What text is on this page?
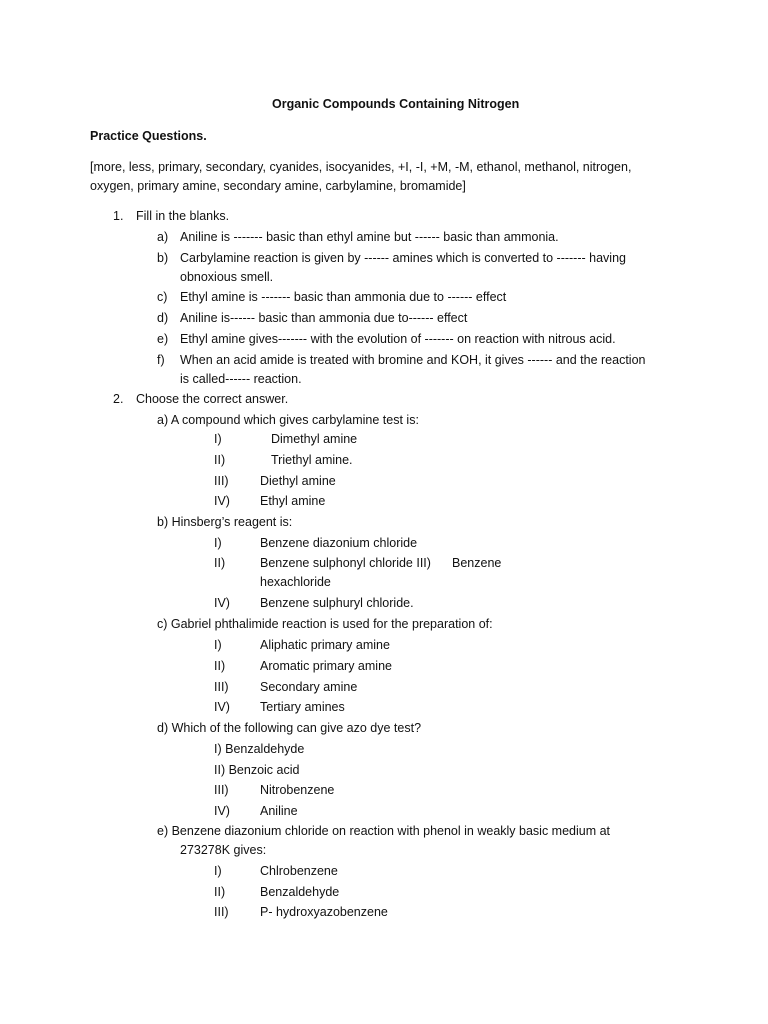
Organic Compounds Containing Nitrogen
Practice Questions.
[more, less, primary, secondary, cyanides, isocyanides, +I, -I, +M, -M, ethanol, methanol, nitrogen,
oxygen, primary amine, secondary amine, carbylamine, bromamide]
1. Fill in the blanks.
a) Aniline is ------- basic than ethyl amine but ------ basic than ammonia.
b) Carbylamine reaction is given by ------ amines which is converted to ------- having
obnoxious smell.
c) Ethyl amine is ------- basic than ammonia due to ------ effect
d) Aniline is------ basic than ammonia due to------ effect
e) Ethyl amine gives------- with the evolution of ------- on reaction with nitrous acid.
f) When an acid amide is treated with bromine and KOH, it gives ------ and the reaction
is called------ reaction.
2. Choose the correct answer.
a) A compound which gives carbylamine test is:
I)	Dimethyl amine
II)	Triethyl amine.
III)	Diethyl amine
IV) Ethyl amine
b) Hinsberg’s reagent is:
I)	Benzene diazonium chloride
II)	Benzene sulphonyl chloride III) Benzene
hexachloride
IV) Benzene sulphuryl chloride.
c) Gabriel phthalimide reaction is used for the preparation of:
I)	Aliphatic primary amine
II)	Aromatic primary amine
III)	Secondary amine
IV) Tertiary amines
d) Which of the following can give azo dye test?
I) Benzaldehyde
II) Benzoic acid
III)	Nitrobenzene
IV) Aniline
e) Benzene diazonium chloride on reaction with phenol in weakly basic medium at
273278K gives:
I)	Chlrobenzene
II)	Benzaldehyde
III)	P- hydroxyazobenzene
